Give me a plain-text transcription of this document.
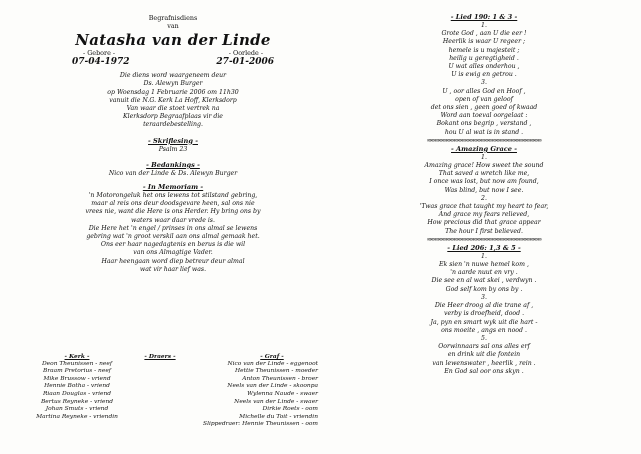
Begrafnisdiens
van
Natasha van der Linde
- Gebore -	- Oorlede -
07-04-1972	27-01-2006
Die diens word waargeneem deur
Ds. Alewyn Burger
op Woensdag 1 Februarie 2006 om 11h30
vanuit die N.G. Kerk La Hoff, Klerksdorp
Van waar die stoet vertrek na
Klerksdorp Begraafplaas vir die
teraardebestelling.
- Skriflesing -
Psalm 23
- Bedankings -
Nico van der Linde & Ds. Alewyn Burger
- In Memoriam -
'n Motorongeluk het ons lewens tot stilstand gebring,
maar al reis ons deur doodsgevare heen, sal ons nie
vrees nie, want die Here is ons Herder. Hy bring ons by
waters waar daar vrede is.
Die Here het 'n engel / prinses in ons almal se lewens
gebring wat 'n groot verskil aan ons almal gemaak het.
Ons eer haar nagedagtenis en berus is die wil
van ons Almagtige Vader.
Haar heengaan word diep betreur deur almal
wat vir haar lief was.
- Kerk -
Deon Theunissen - neef
Braam Pretorius - neef
Mike Brussow - vriend
Hennie Botha - vriend
Riaan Douglas - vriend
Bertus Reyneke - vriend
Johan Smuts - vriend
Martina Reyneke - vriendin
- Draers -	- Graf -
Nico van der Linde - eggenoot
Hettie Theunissen - moeder
Anton Theunissen - broer
Neels van der Linde - skoonpa
Wylenna Naude - swaer
Neels van der Linde - swaer
Dirkie Roets - oom
Michelle du Toit - vriendin
Slippedraer: Hennie Theunissen - oom
- Lied 190: 1 & 3 -
1.
Grote God , aan U die eer !
Heerlik is waar U regeer ;
hemele is u majesteit ;
heilig u geregtigheid .
U wat alles onderhou ,
U is ewig en getrou .
3.
U , oor alles God en Hoof ,
open of van geloof
det ons sien , geen goed of kwaad
Word aan toeval oorgelaat :
Bokant ons begrip , verstand ,
hou U al wat is in stand .
∞∞∞∞∞∞∞∞∞∞∞∞∞∞∞∞∞∞∞∞∞∞∞∞∞∞∞∞∞∞∞∞∞∞∞∞∞∞∞∞∞∞
- Amazing Grace -
1.
Amazing grace! How sweet the sound
That saved a wretch like me,
I once was lost, but now am found,
Was blind, but now I see.
2.
'Twas grace that taught my heart to fear,
And grace my fears relieved,
How precious did that grace appear
The hour I first believed.
∞∞∞∞∞∞∞∞∞∞∞∞∞∞∞∞∞∞∞∞∞∞∞∞∞∞∞∞∞∞∞∞∞∞∞∞∞∞∞∞∞∞
- Lied 206: 1,3 & 5 -
1.
Ek sien 'n nuwe hemel kom ,
'n aarde nuut en vry .
Die see en al wat skei , verdwyn .
God self kom by ons by .
3.
Die Heer droog al die trane af ,
verby is droefheid, dood .
Ja, pyn en smart wyk uit die hart -
ons moeite , angs en nood .
5.
Oorwinnaars sal ons alles erf
en drink uit die fontein
van lewenswater , heerlik , rein .
En God sal oor ons skyn .
